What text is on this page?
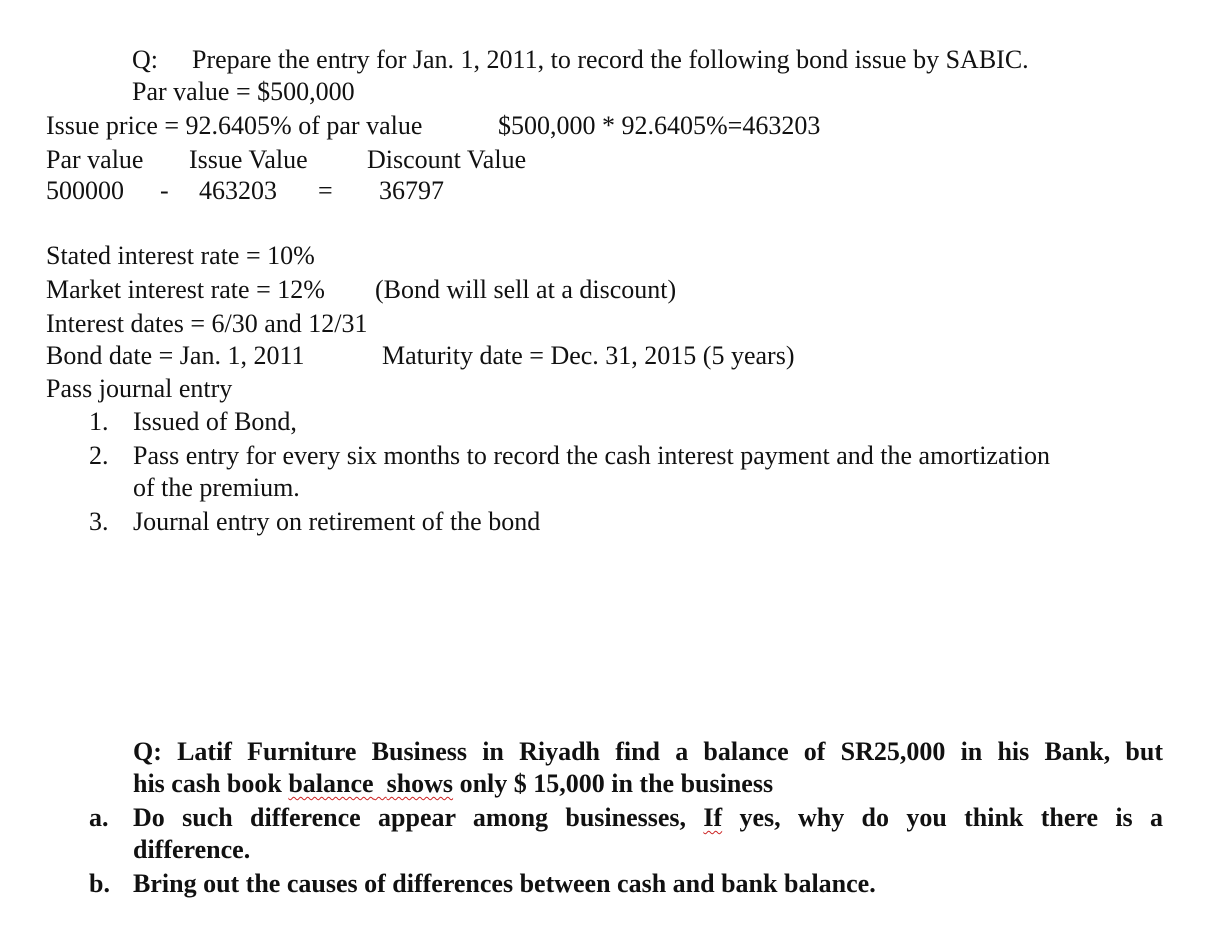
Q: Prepare the entry for Jan. 1, 2011, to record the following bond issue by SABIC.
Par value = $500,000
Issue price = 92.6405% of par value	$500,000 * 92.6405%=463203
Par value Issue Value Discount Value
500000 - 463203 = 36797
Stated interest rate = 10%
Market interest rate = 12% (Bond will sell at a discount)
Interest dates = 6/30 and 12/31
Bond date = Jan. 1, 2011	Maturity date = Dec. 31, 2015 (5 years)
Pass journal entry
1. Issued of Bond,
2. Pass entry for every six months to record the cash interest payment and the amortization
of the premium.
3. Journal entry on retirement of the bond
Q: Latif Furniture Business in Riyadh find a balance of SR25,000 in his Bank, but
his cash book balance shows only $ 15,000 in the business
a. Do such difference appear among businesses, If yes, why do you think there is a
difference.
b. Bring out the causes of differences between cash and bank balance.
